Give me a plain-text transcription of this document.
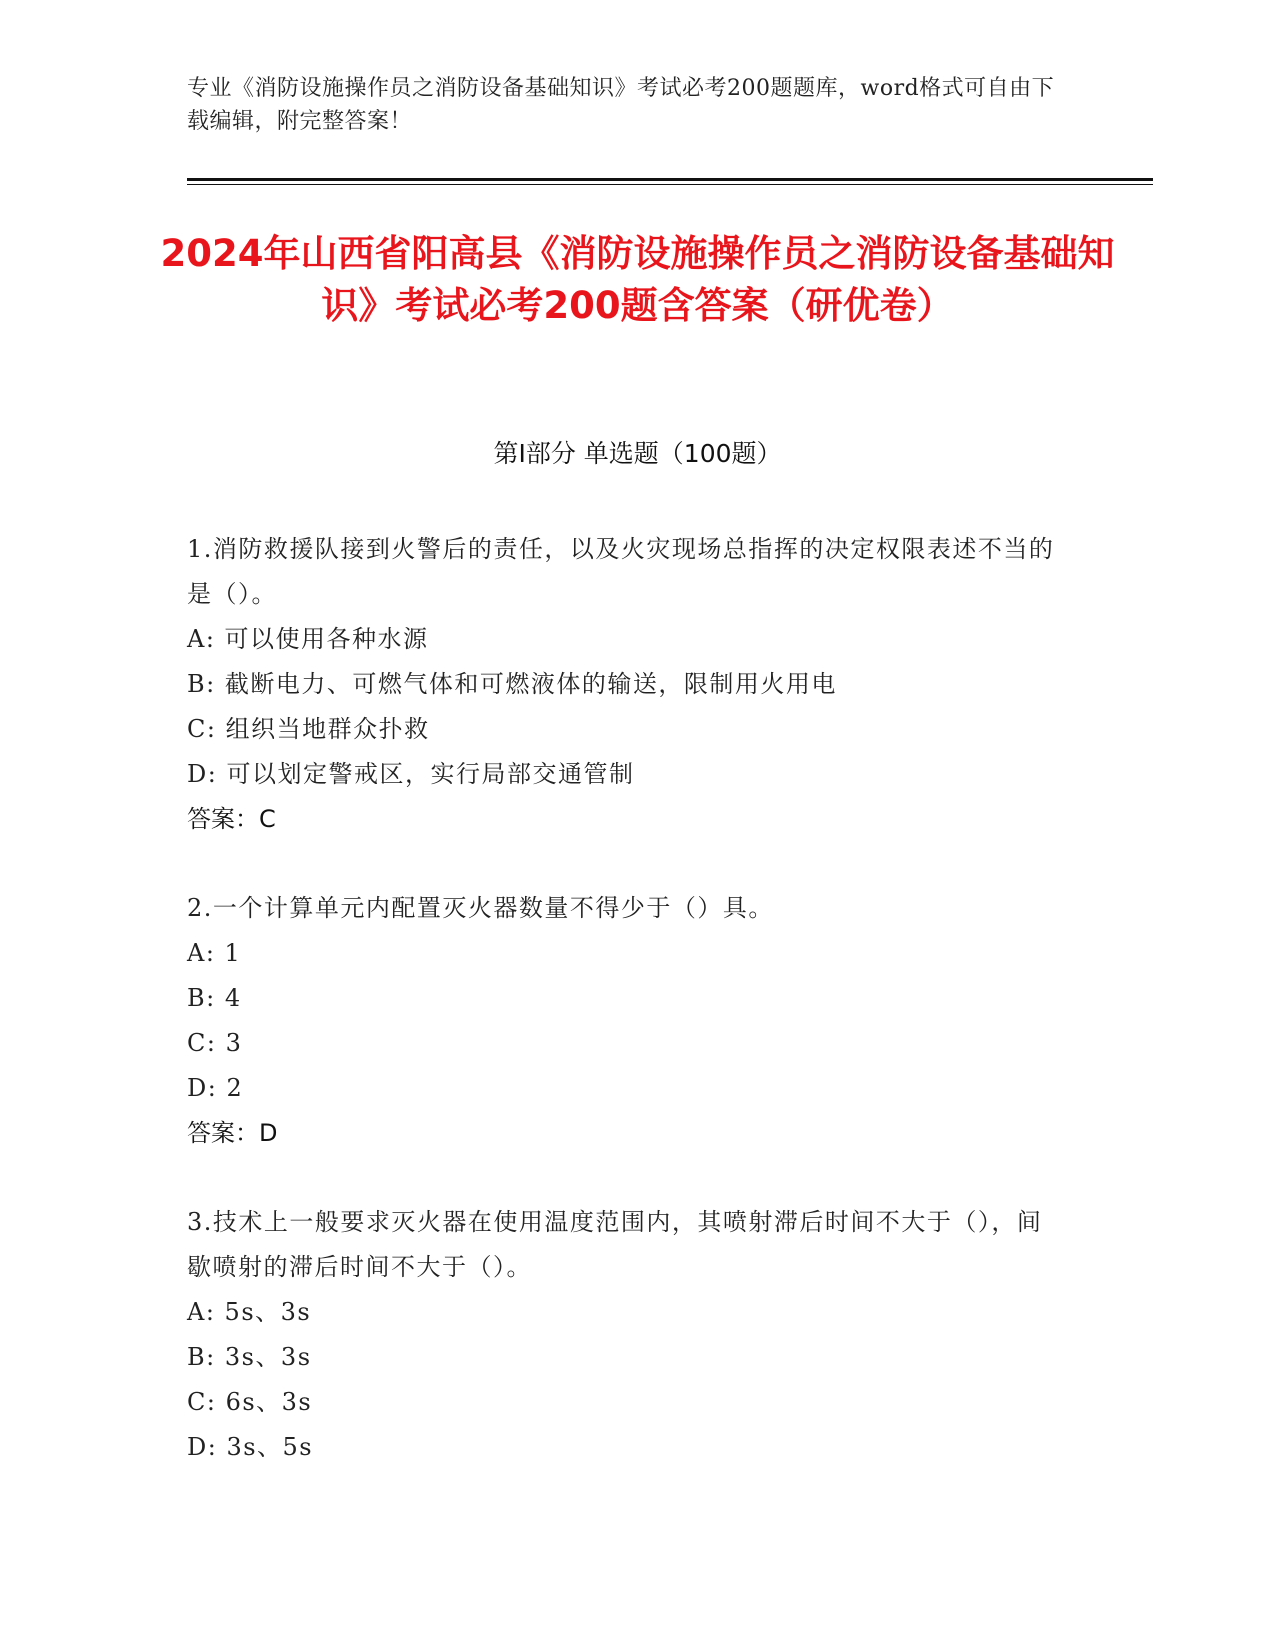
专业《消防设施操作员之消防设备基础知识》考试必考200题题库，word格式可自由下载编辑，附完整答案！
2024年山西省阳高县《消防设施操作员之消防设备基础知识》考试必考200题含答案（研优卷）
第Ⅰ部分 单选题（100题）
1.消防救援队接到火警后的责任，以及火灾现场总指挥的决定权限表述不当的是（）。
A: 可以使用各种水源
B: 截断电力、可燃气体和可燃液体的输送，限制用火用电
C: 组织当地群众扑救
D: 可以划定警戒区，实行局部交通管制
答案：C
2.一个计算单元内配置灭火器数量不得少于（）具。
A: 1
B: 4
C: 3
D: 2
答案：D
3.技术上一般要求灭火器在使用温度范围内，其喷射滞后时间不大于（），间歇喷射的滞后时间不大于（）。
A: 5s、3s
B: 3s、3s
C: 6s、3s
D: 3s、5s
